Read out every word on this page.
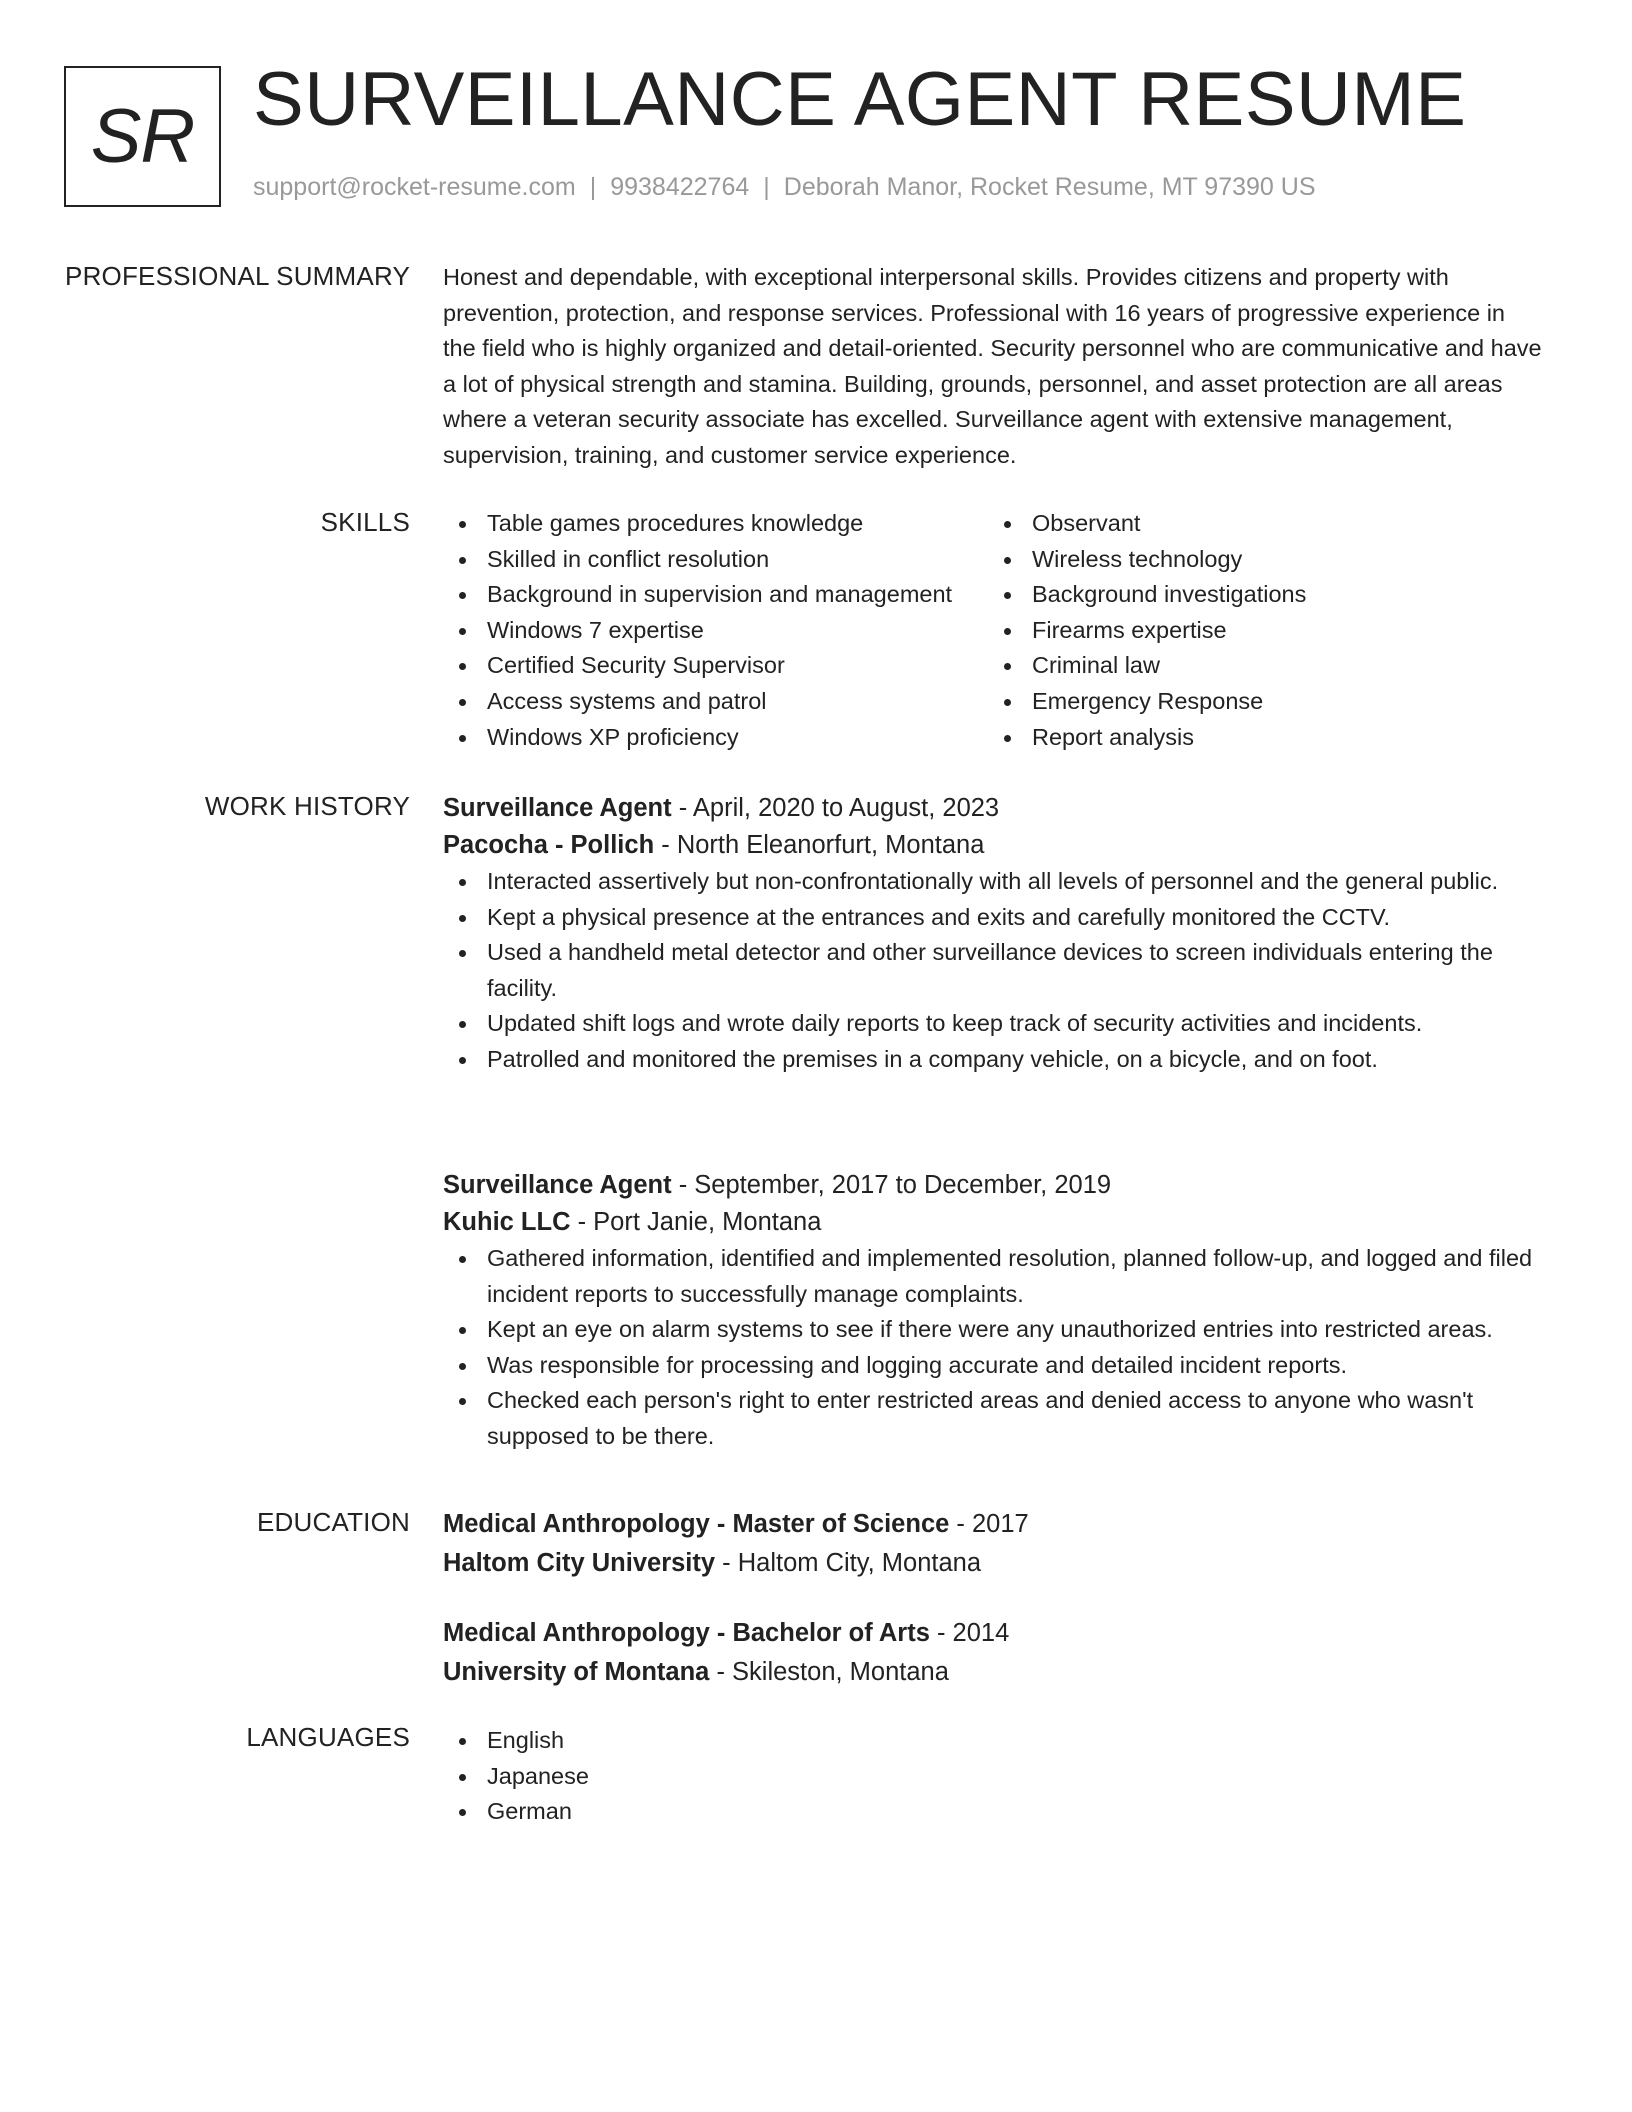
SR SURVEILLANCE AGENT RESUME
support@rocket-resume.com | 9938422764 | Deborah Manor, Rocket Resume, MT 97390 US
PROFESSIONAL SUMMARY Honest and dependable, with exceptional interpersonal skills. Provides citizens and property with prevention, protection, and response services. Professional with 16 years of progressive experience in the field who is highly organized and detail-oriented. Security personnel who are communicative and have a lot of physical strength and stamina. Building, grounds, personnel, and asset protection are all areas where a veteran security associate has excelled. Surveillance agent with extensive management, supervision, training, and customer service experience.

SKILLS	Table games procedures knowledge
Skilled in conflict resolution
Background in supervision and management
Windows 7 expertise
Certified Security Supervisor
Access systems and patrol
Windows XP proficiency
Observant
Wireless technology
Background investigations
Firearms expertise
Criminal law
Emergency Response
Report analysis
WORK HISTORY Surveillance Agent - April, 2020 to August, 2023
Pacocha - Pollich - North Eleanorfurt, Montana
Interacted assertively but non-confrontationally with all levels of personnel and the general public.
Kept a physical presence at the entrances and exits and carefully monitored the CCTV.
Used a handheld metal detector and other surveillance devices to screen individuals entering the facility.
Updated shift logs and wrote daily reports to keep track of security activities and incidents.
Patrolled and monitored the premises in a company vehicle, on a bicycle, and on foot.
Surveillance Agent - September, 2017 to December, 2019
Kuhic LLC - Port Janie, Montana
Gathered information, identified and implemented resolution, planned follow-up, and logged and filed incident reports to successfully manage complaints.
Kept an eye on alarm systems to see if there were any unauthorized entries into restricted areas.
Was responsible for processing and logging accurate and detailed incident reports.
Checked each person's right to enter restricted areas and denied access to anyone who wasn't supposed to be there.
EDUCATION Medical Anthropology - Master of Science - 2017
Haltom City University - Haltom City, Montana
Medical Anthropology - Bachelor of Arts - 2014
University of Montana - Skileston, Montana
LANGUAGES	English
Japanese
German
